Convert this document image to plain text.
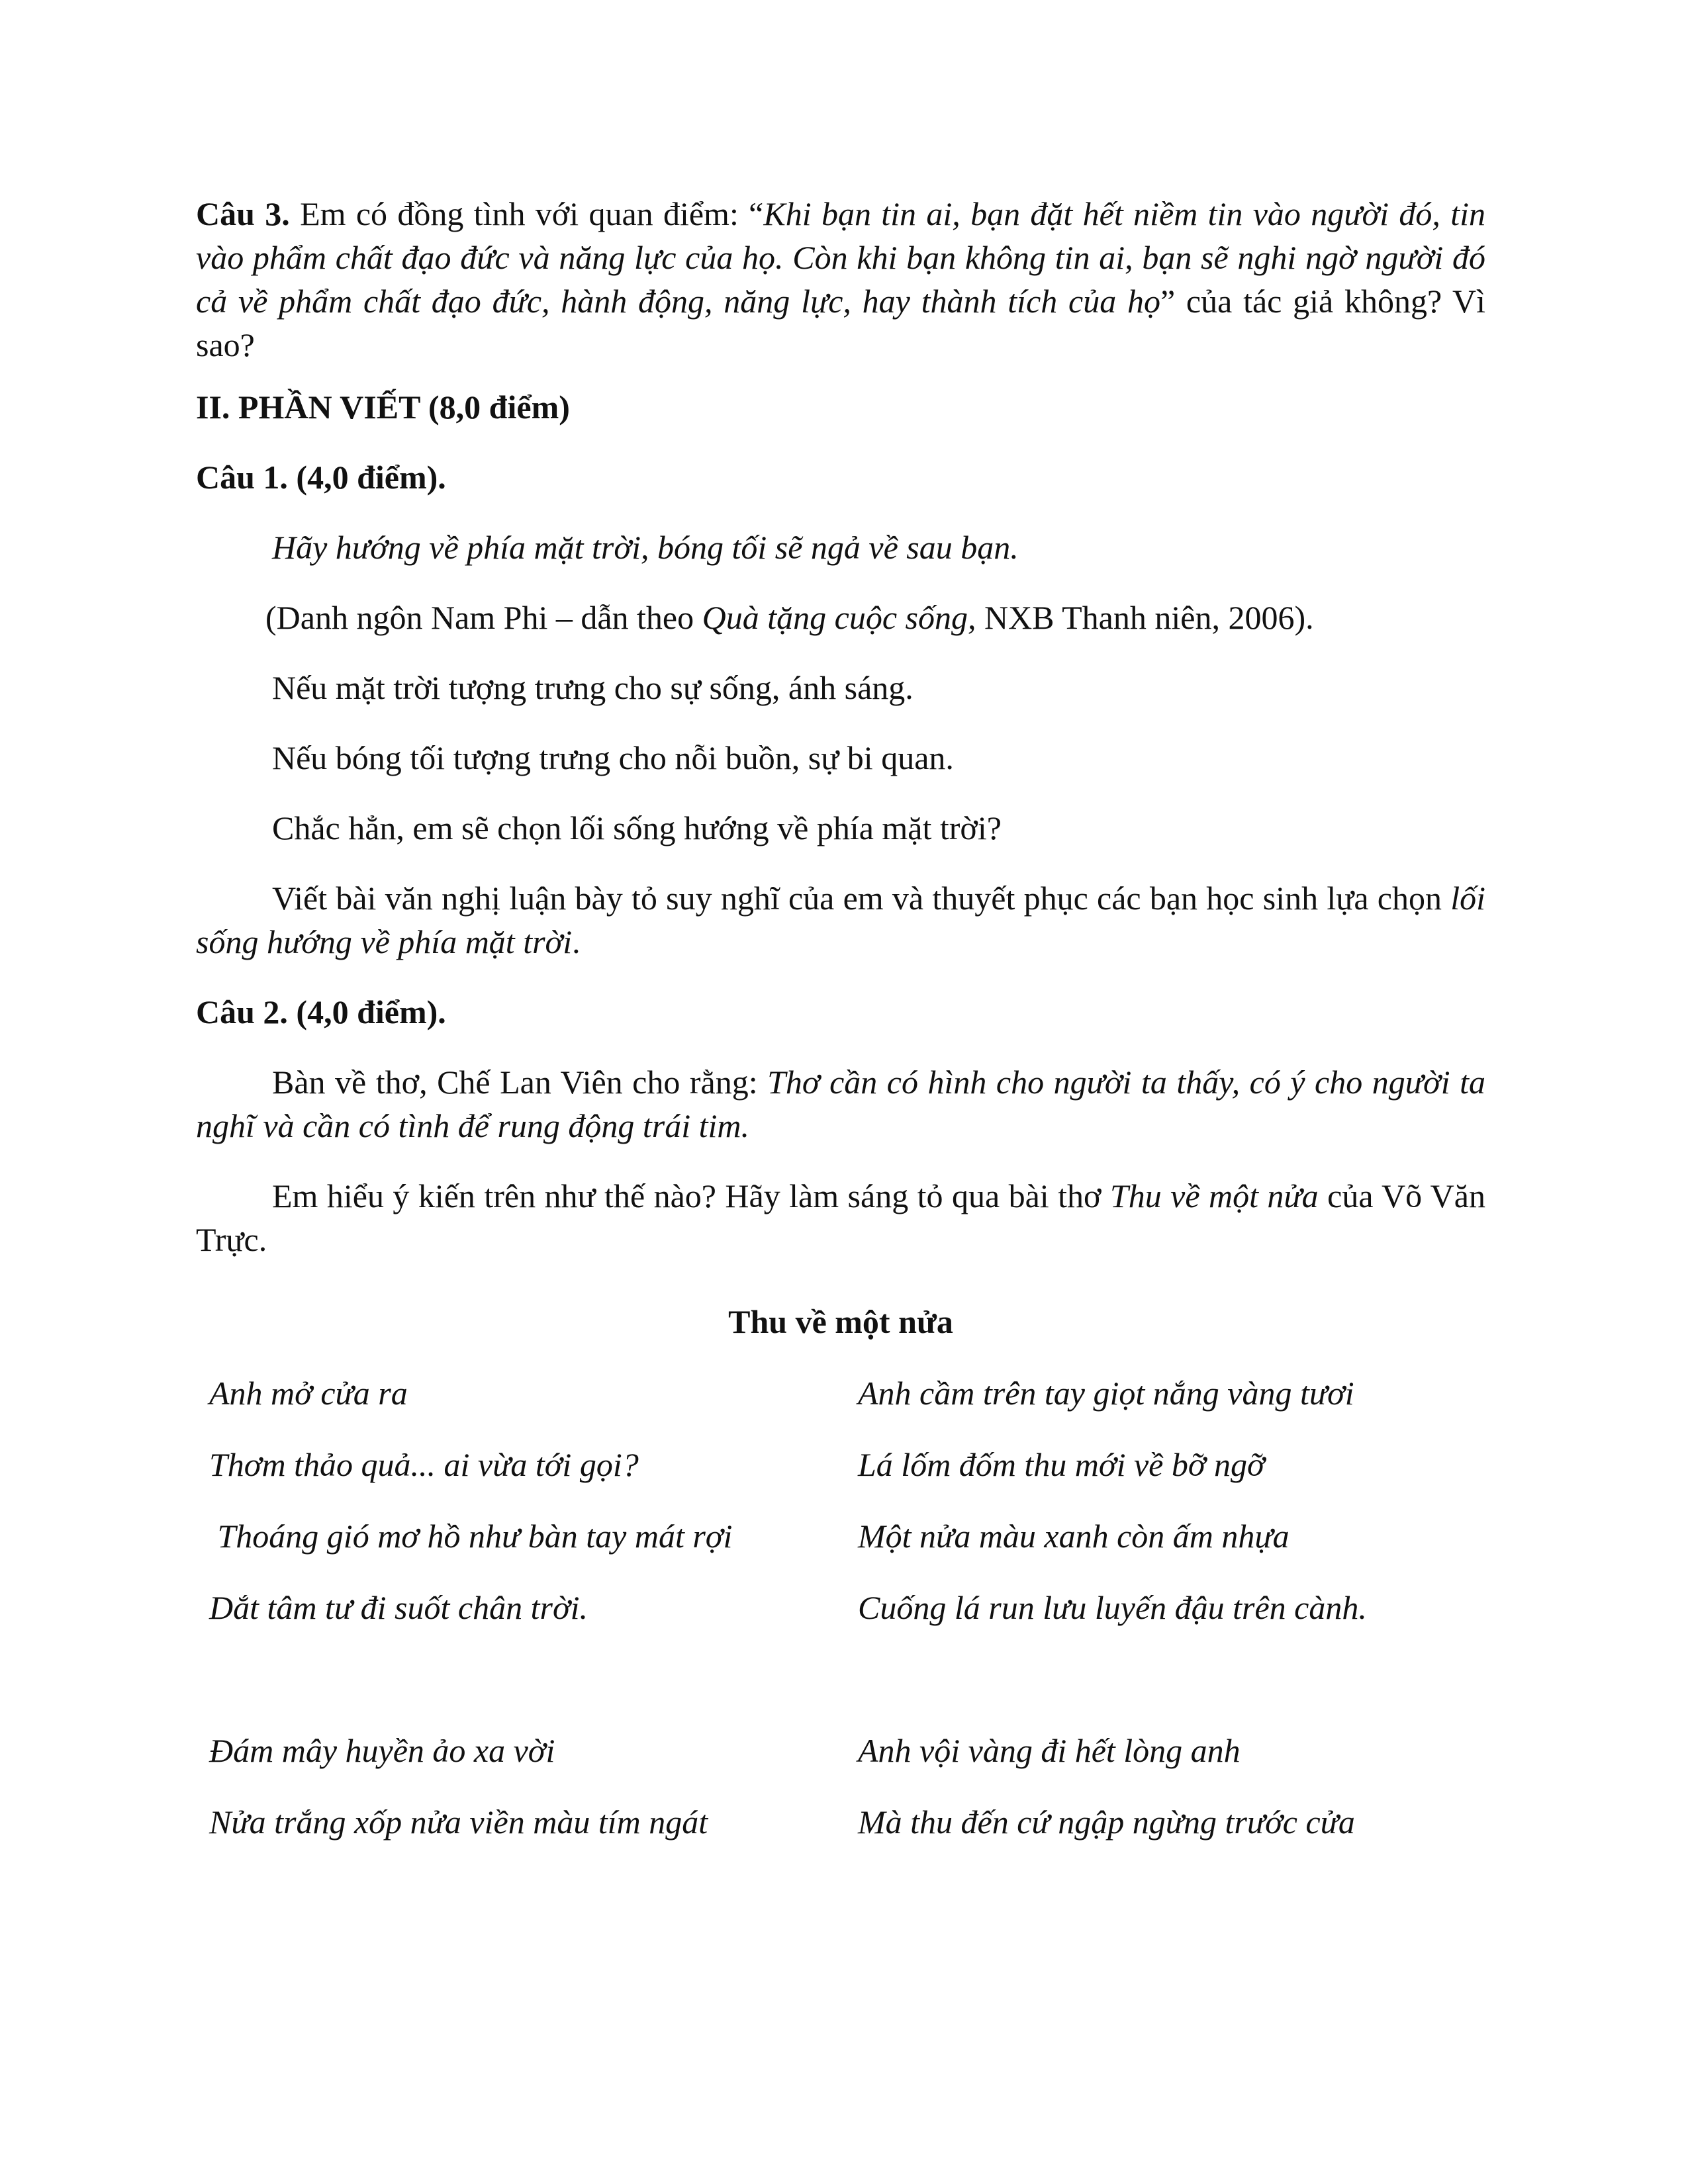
Câu 3. Em có đồng tình với quan điểm: “Khi bạn tin ai, bạn đặt hết niềm tin vào người đó, tin vào phẩm chất đạo đức và năng lực của họ. Còn khi bạn không tin ai, bạn sẽ nghi ngờ người đó cả về phẩm chất đạo đức, hành động, năng lực, hay thành tích của họ” của tác giả không? Vì sao?

II. PHẦN VIẾT (8,0 điểm)

Câu 1. (4,0 điểm).

Hãy hướng về phía mặt trời, bóng tối sẽ ngả về sau bạn.

(Danh ngôn Nam Phi – dẫn theo Quà tặng cuộc sống, NXB Thanh niên, 2006).

Nếu mặt trời tượng trưng cho sự sống, ánh sáng.

Nếu bóng tối tượng trưng cho nỗi buồn, sự bi quan.

Chắc hẳn, em sẽ chọn lối sống hướng về phía mặt trời?

Viết bài văn nghị luận bày tỏ suy nghĩ của em và thuyết phục các bạn học sinh lựa chọn lối sống hướng về phía mặt trời.

Câu 2. (4,0 điểm).

Bàn về thơ, Chế Lan Viên cho rằng: Thơ cần có hình cho người ta thấy, có ý cho người ta nghĩ và cần có tình để rung động trái tim.

Em hiểu ý kiến trên như thế nào? Hãy làm sáng tỏ qua bài thơ Thu về một nửa của Võ Văn Trực.

Thu về một nửa

Anh mở cửa ra	Anh cầm trên tay giọt nắng vàng tươi
Thơm thảo quả... ai vừa tới gọi?	Lá lốm đốm thu mới về bỡ ngỡ
Thoáng gió mơ hồ như bàn tay mát rợi	Một nửa màu xanh còn ấm nhựa
Dắt tâm tư đi suốt chân trời.	Cuống lá run lưu luyến đậu trên cành.
Đám mây huyền ảo xa vời	Anh vội vàng đi hết lòng anh
Nửa trắng xốp nửa viền màu tím ngát	Mà thu đến cứ ngập ngừng trước cửa
